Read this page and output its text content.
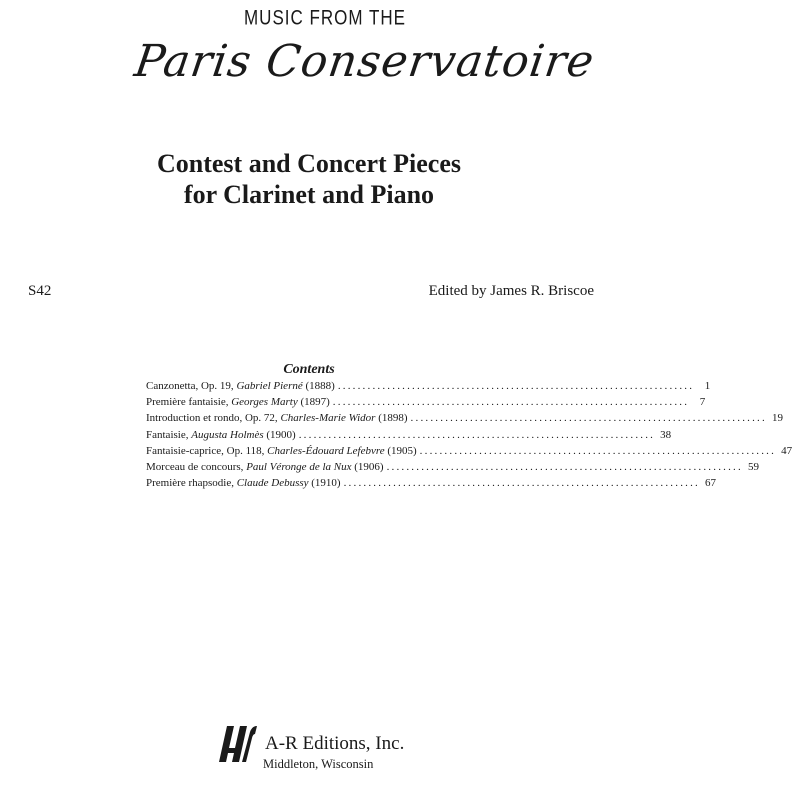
MUSIC FROM THE
Paris Conservatoire
Contest and Concert Pieces
for Clarinet and Piano
S42	Edited by James R. Briscoe
Contents
Canzonetta, Op. 19, Gabriel Pierné (1888) ........................................................................ 1
Première fantaisie, Georges Marty (1897) ........................................................................ 7
Introduction et rondo, Op. 72, Charles-Marie Widor (1898) ........................................................................ 19
Fantaisie, Augusta Holmès (1900) ........................................................................ 38
Fantaisie-caprice, Op. 118, Charles-Édouard Lefebvre (1905) ........................................................................ 47
Morceau de concours, Paul Véronge de la Nux (1906) ........................................................................ 59
Première rhapsodie, Claude Debussy (1910) ........................................................................ 67
A-R Editions, Inc.
Middleton, Wisconsin
